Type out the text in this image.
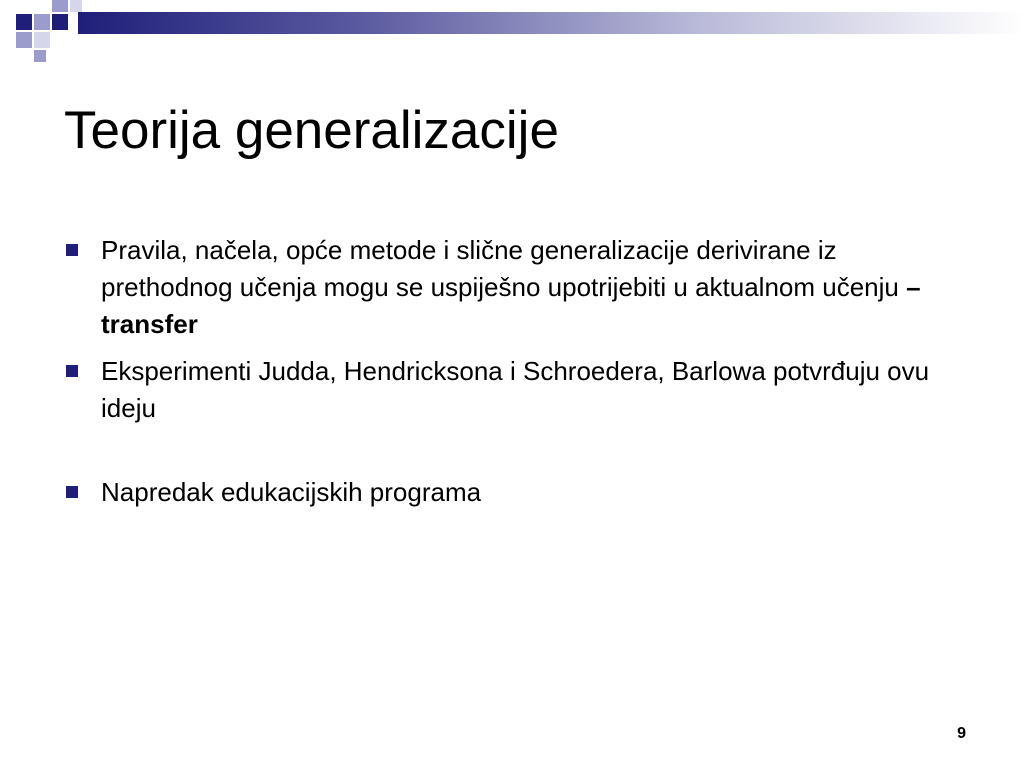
Teorija generalizacije

Pravila, načela, opće metode i slične generalizacije derivirane iz prethodnog učenja mogu se uspiješno upotrijebiti u aktualnom učenju – transfer

Eksperimenti Judda, Hendricksona i Schroedera, Barlowa potvrđuju ovu ideju

Napredak edukacijskih programa

9
